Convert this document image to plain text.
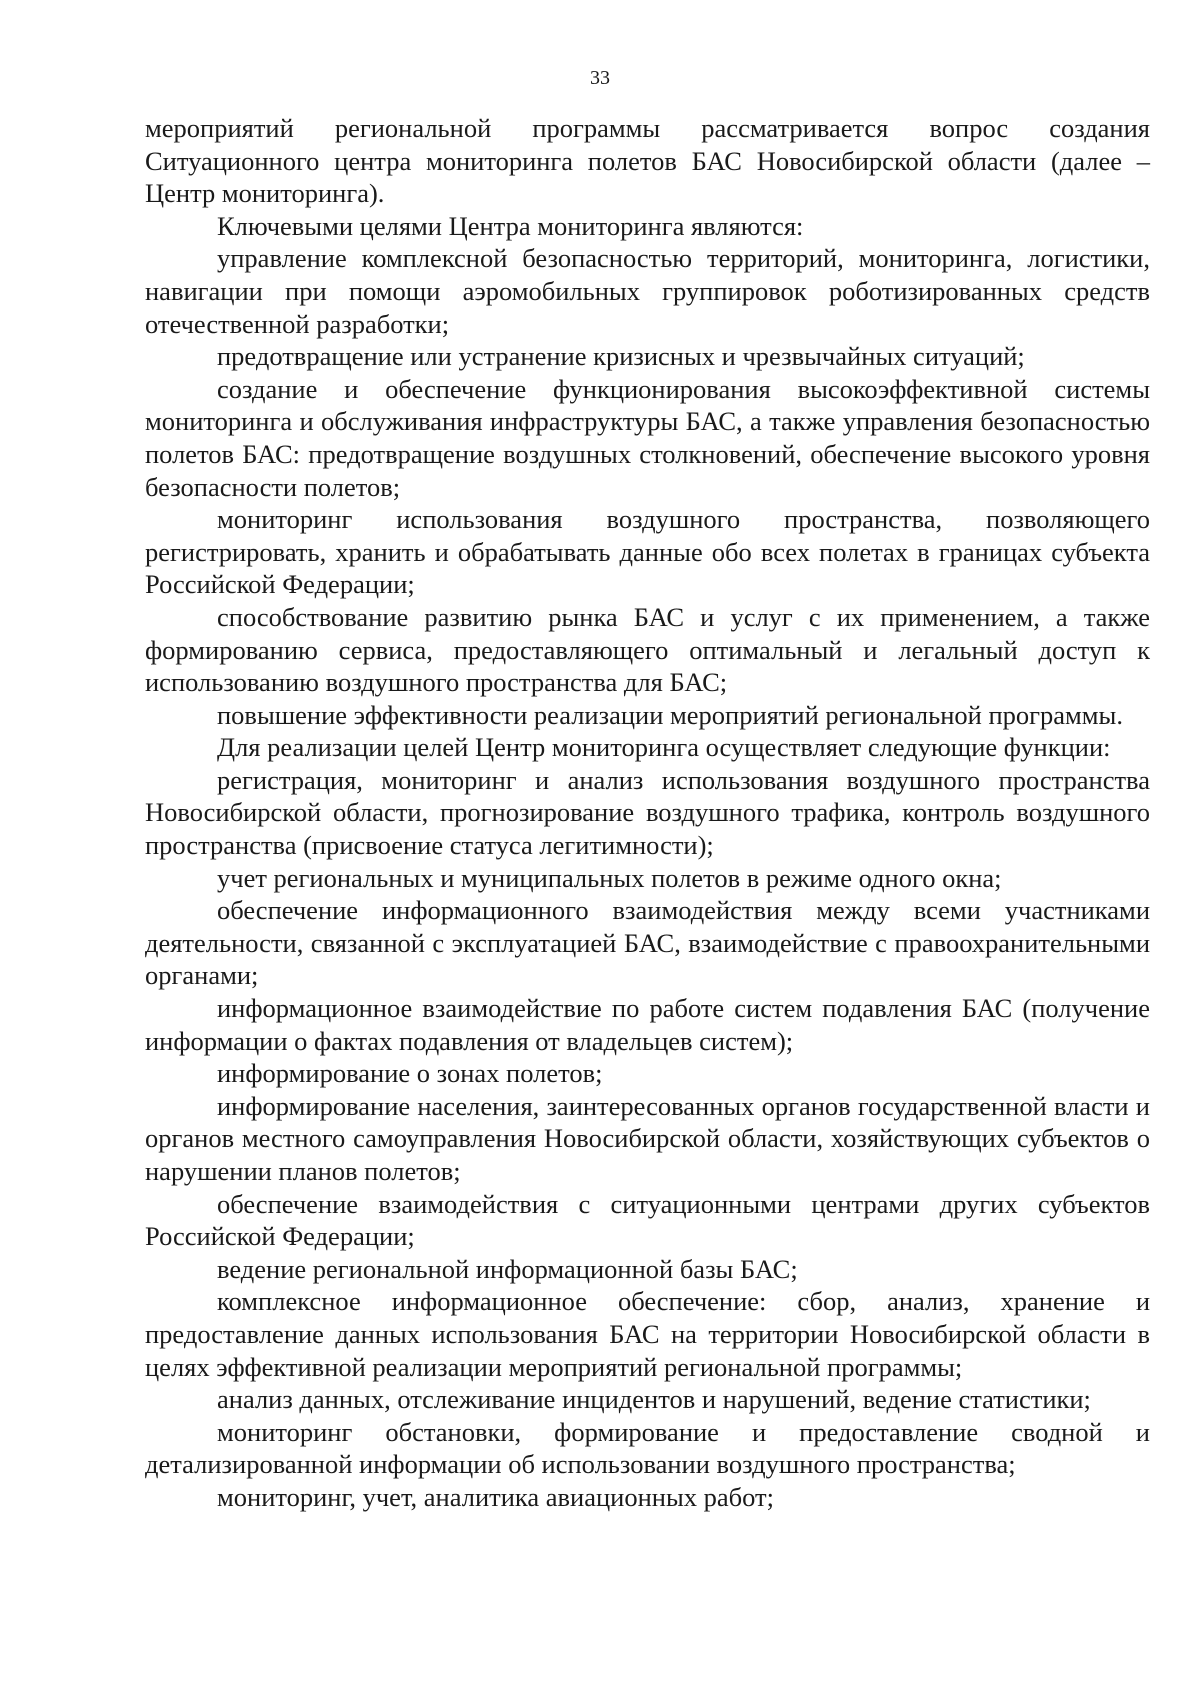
33

мероприятий региональной программы рассматривается вопрос создания Ситуационного центра мониторинга полетов БАС Новосибирской области (далее – Центр мониторинга).

Ключевыми целями Центра мониторинга являются:

управление комплексной безопасностью территорий, мониторинга, логистики, навигации при помощи аэромобильных группировок роботизированных средств отечественной разработки;

предотвращение или устранение кризисных и чрезвычайных ситуаций;

создание и обеспечение функционирования высокоэффективной системы мониторинга и обслуживания инфраструктуры БАС, а также управления безопасностью полетов БАС: предотвращение воздушных столкновений, обеспечение высокого уровня безопасности полетов;

мониторинг использования воздушного пространства, позволяющего регистрировать, хранить и обрабатывать данные обо всех полетах в границах субъекта Российской Федерации;

способствование развитию рынка БАС и услуг с их применением, а также формированию сервиса, предоставляющего оптимальный и легальный доступ к использованию воздушного пространства для БАС;

повышение эффективности реализации мероприятий региональной программы.

Для реализации целей Центр мониторинга осуществляет следующие функции:

регистрация, мониторинг и анализ использования воздушного пространства Новосибирской области, прогнозирование воздушного трафика, контроль воздушного пространства (присвоение статуса легитимности);

учет региональных и муниципальных полетов в режиме одного окна;

обеспечение информационного взаимодействия между всеми участниками деятельности, связанной с эксплуатацией БАС, взаимодействие с правоохранительными органами;

информационное взаимодействие по работе систем подавления БАС (получение информации о фактах подавления от владельцев систем);

информирование о зонах полетов;

информирование населения, заинтересованных органов государственной власти и органов местного самоуправления Новосибирской области, хозяйствующих субъектов о нарушении планов полетов;

обеспечение взаимодействия с ситуационными центрами других субъектов Российской Федерации;

ведение региональной информационной базы БАС;

комплексное информационное обеспечение: сбор, анализ, хранение и предоставление данных использования БАС на территории Новосибирской области в целях эффективной реализации мероприятий региональной программы;

анализ данных, отслеживание инцидентов и нарушений, ведение статистики;

мониторинг обстановки, формирование и предоставление сводной и детализированной информации об использовании воздушного пространства;

мониторинг, учет, аналитика авиационных работ;
